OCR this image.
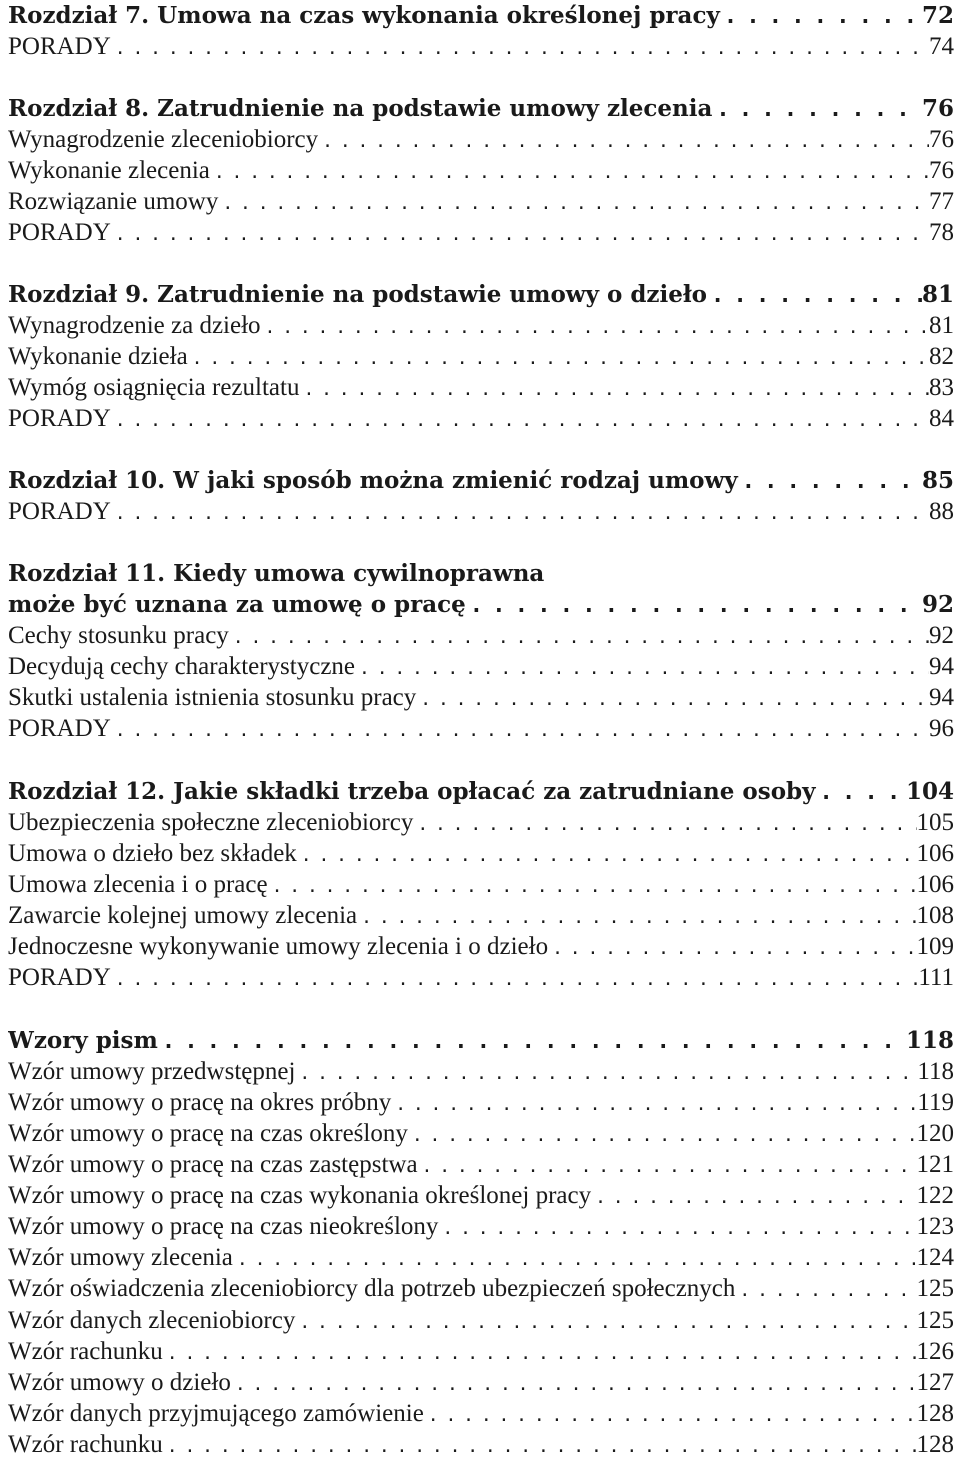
Rozdział 7. Umowa na czas wykonania określonej pracy . . .	72
PORADY . . .	74
Rozdział 8. Zatrudnienie na podstawie umowy zlecenia . . .	76
Wynagrodzenie zleceniobiorcy . . .	76
Wykonanie zlecenia . . .	76
Rozwiązanie umowy . . .	77
PORADY . . .	78
Rozdział 9. Zatrudnienie na podstawie umowy o dzieło . . .	81
Wynagrodzenie za dzieło . . .	81
Wykonanie dzieła . . .	82
Wymóg osiągnięcia rezultatu . . .	83
PORADY . . .	84
Rozdział 10. W jaki sposób można zmienić rodzaj umowy . . .	85
PORADY . . .	88
Rozdział 11. Kiedy umowa cywilnoprawna
może być uznana za umowę o pracę . . .	92
Cechy stosunku pracy . . .	92
Decydują cechy charakterystyczne . . .	94
Skutki ustalenia istnienia stosunku pracy . . .	94
PORADY . . .	96
Rozdział 12. Jakie składki trzeba opłacać za zatrudniane osoby . . .	104
Ubezpieczenia społeczne zleceniobiorcy . . .	105
Umowa o dzieło bez składek . . .	106
Umowa zlecenia i o pracę . . .	106
Zawarcie kolejnej umowy zlecenia . . .	108
Jednoczesne wykonywanie umowy zlecenia i o dzieło . . .	109
PORADY . . .	111
Wzory pism . . .	118
Wzór umowy przedwstępnej . . .	118
Wzór umowy o pracę na okres próbny . . .	119
Wzór umowy o pracę na czas określony . . .	120
Wzór umowy o pracę na czas zastępstwa . . .	121
Wzór umowy o pracę na czas wykonania określonej pracy . . .	122
Wzór umowy o pracę na czas nieokreślony . . .	123
Wzór umowy zlecenia . . .	124
Wzór oświadczenia zleceniobiorcy dla potrzeb ubezpieczeń społecznych . . .	125
Wzór danych zleceniobiorcy . . .	125
Wzór rachunku . . .	126
Wzór umowy o dzieło . . .	127
Wzór danych przyjmującego zamówienie . . .	128
Wzór rachunku . . .	128
